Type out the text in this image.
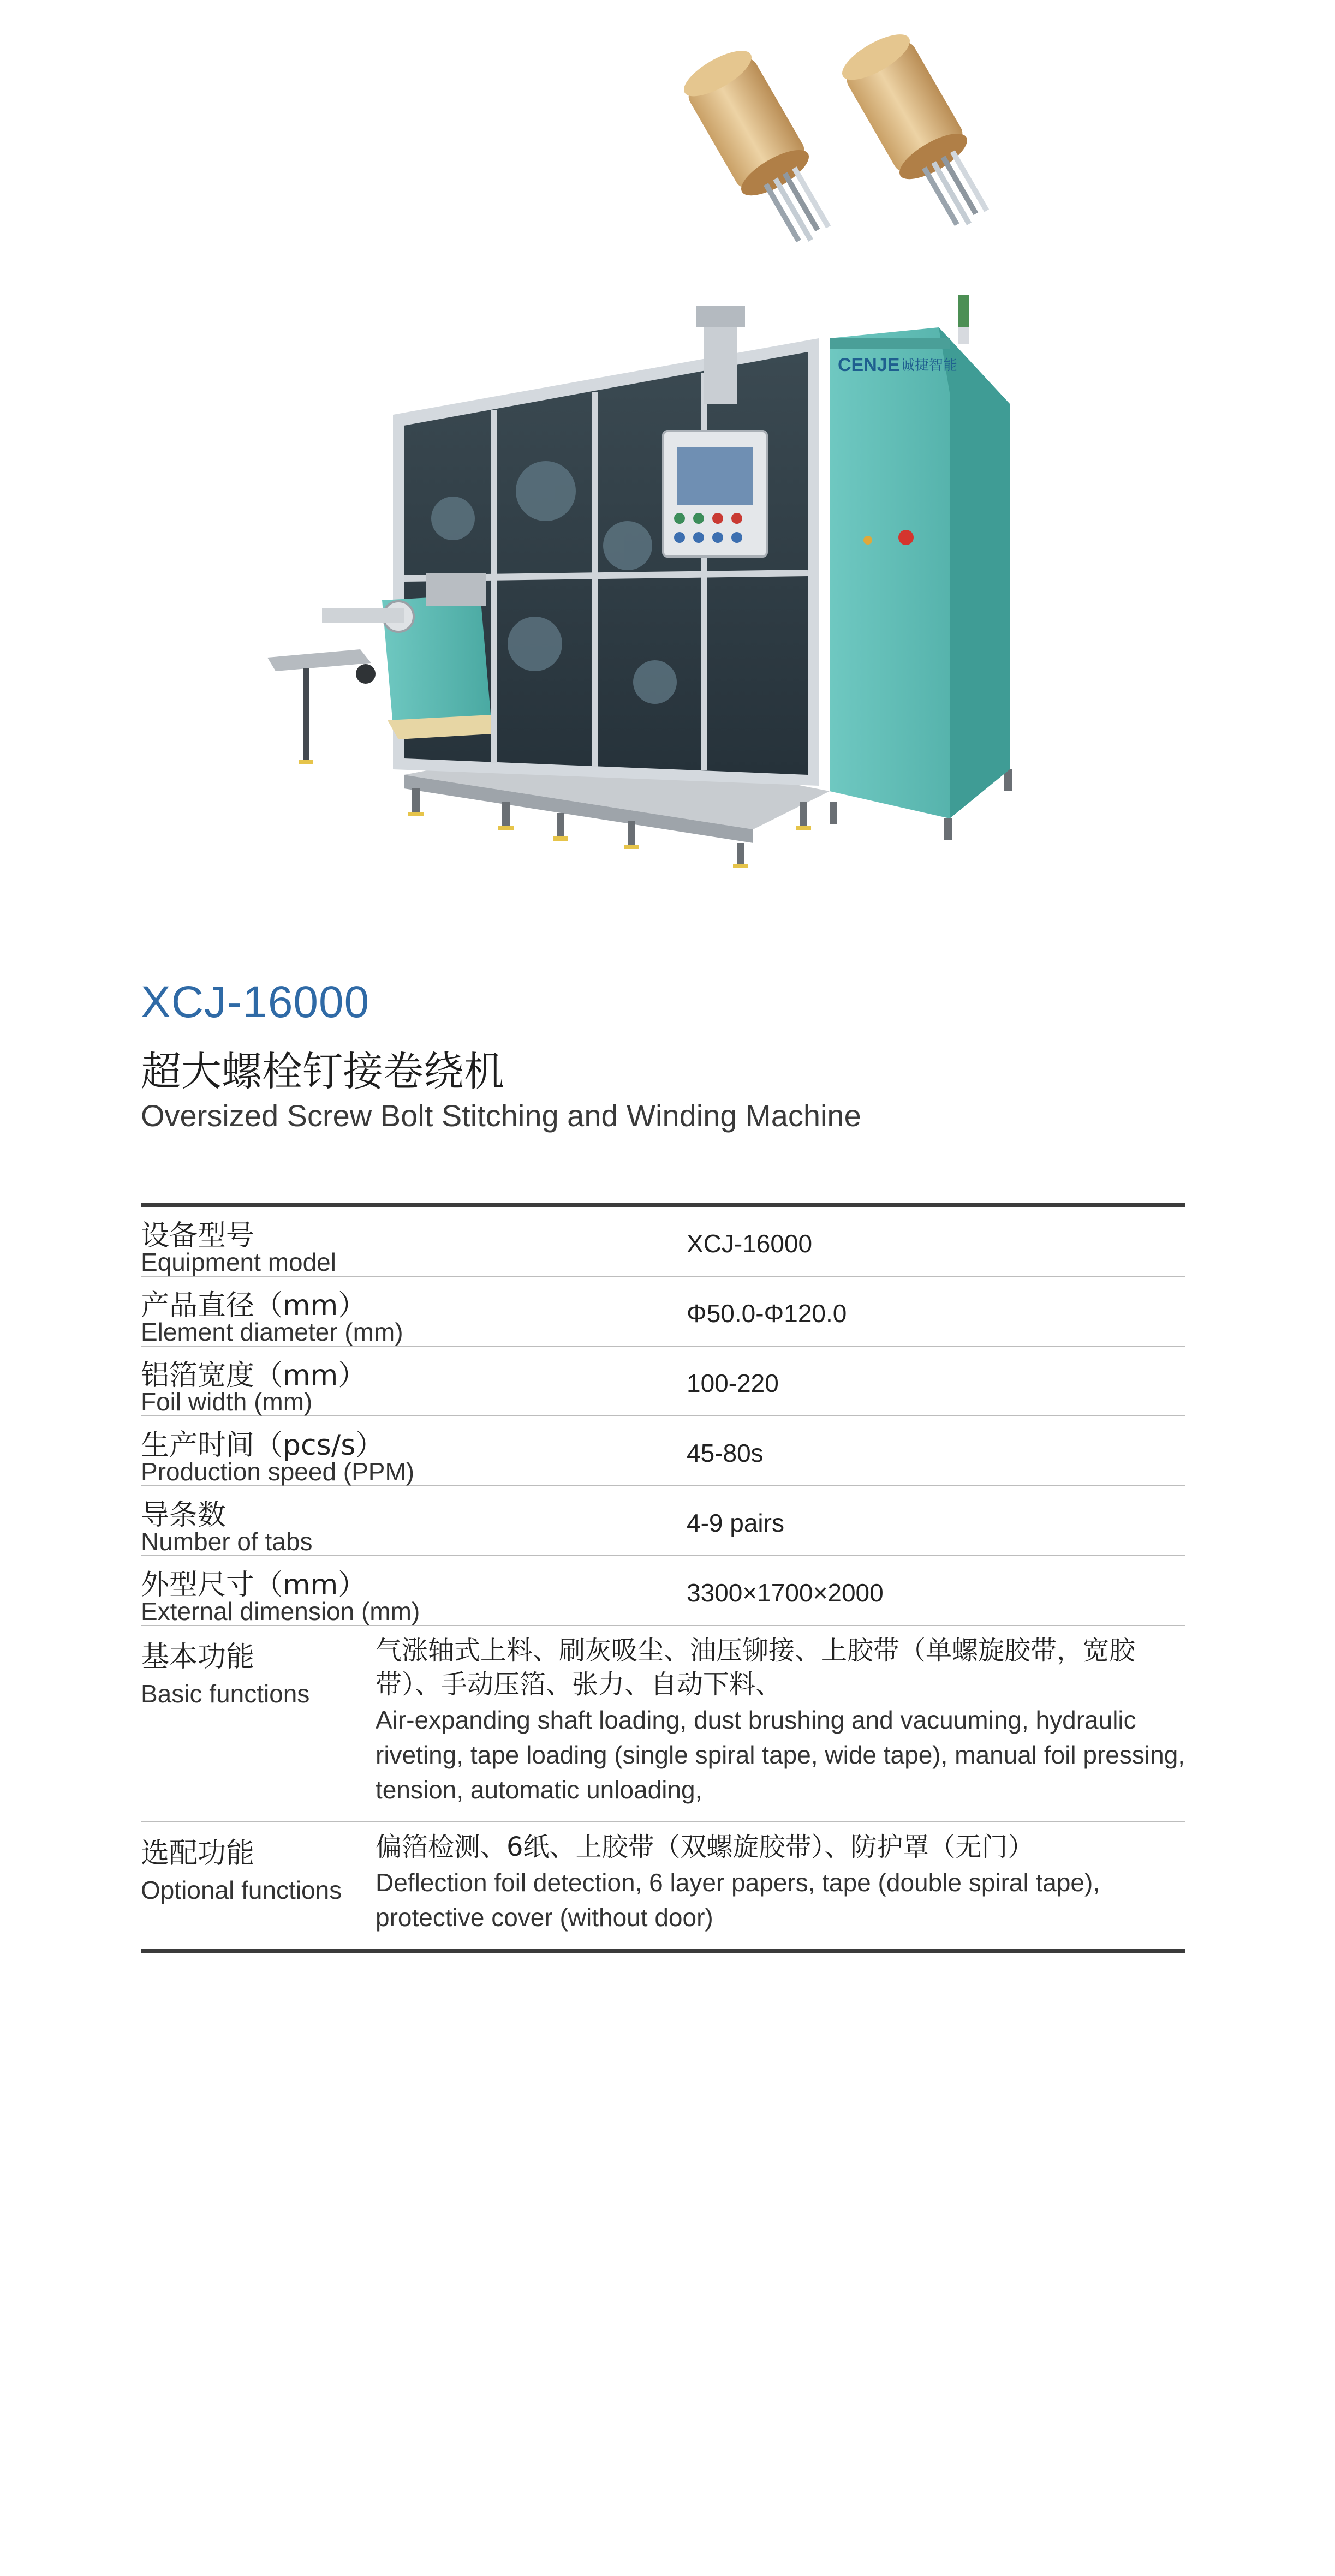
CENJE 诚捷智能
XCJ-16000
超大螺栓钉接卷绕机
Oversized Screw Bolt Stitching and Winding Machine
设备型号
Equipment model
XCJ-16000
产品直径（mm）
Element diameter (mm)
Φ50.0-Φ120.0
铝箔宽度（mm）
Foil width (mm)
100-220
生产时间（pcs/s）
Production speed (PPM)
45-80s
导条数
Number of tabs
4-9 pairs
外型尺寸（mm）
External dimension (mm)
3300×1700×2000
基本功能
Basic functions
气涨轴式上料、刷灰吸尘、油压铆接、上胶带（单螺旋胶带，宽胶带）、手动压箔、张力、自动下料、
Air-expanding shaft loading, dust brushing and vacuuming, hydraulic riveting, tape loading (single spiral tape, wide tape), manual foil pressing, tension, automatic unloading,
选配功能
Optional functions
偏箔检测、6纸、上胶带（双螺旋胶带）、防护罩（无门）
Deflection foil detection, 6 layer papers, tape (double spiral tape), protective cover (without door)
